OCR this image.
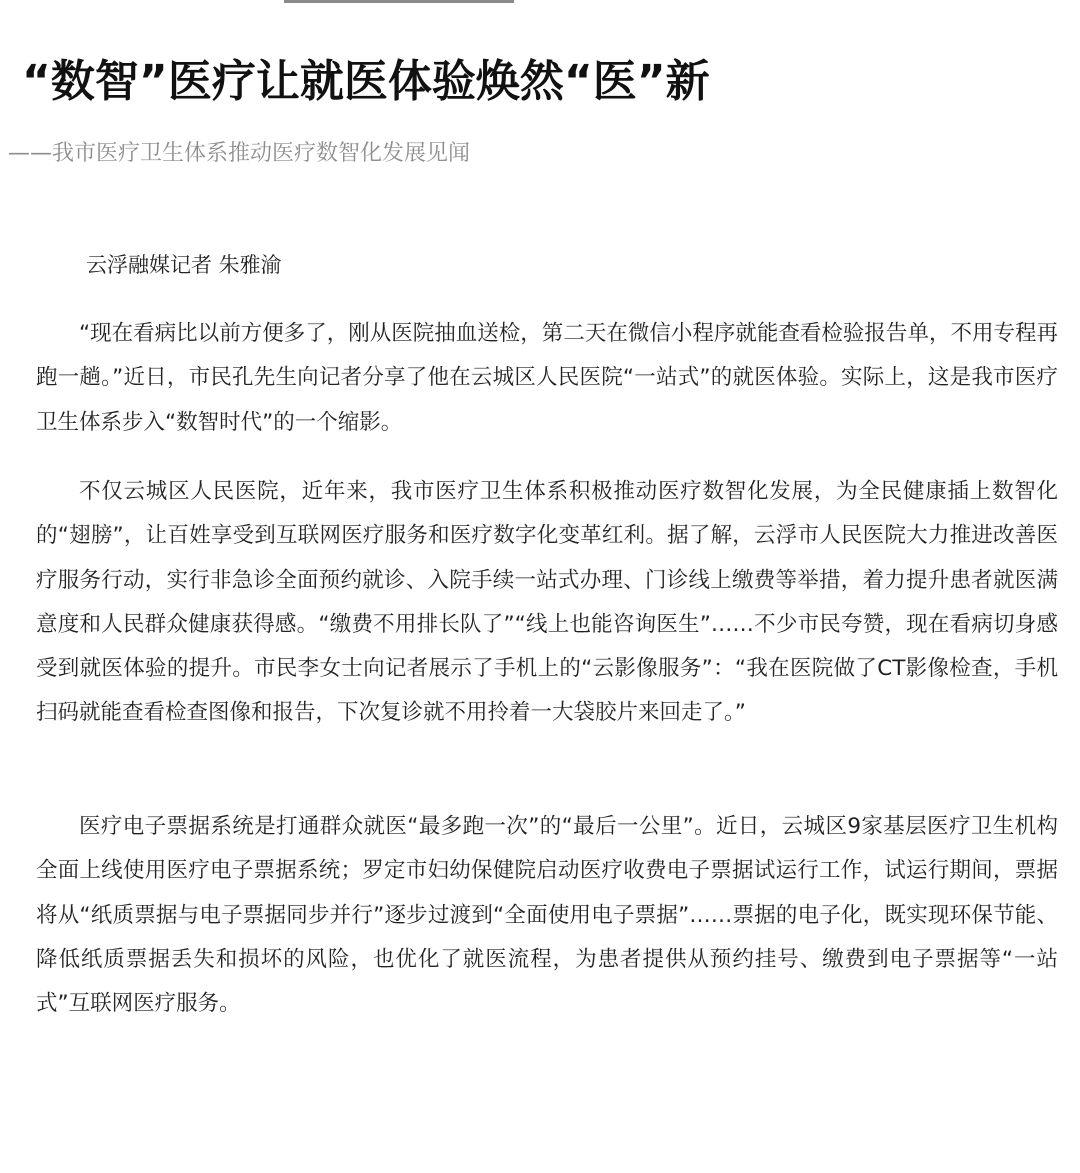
“数智”医疗让就医体验焕然“医”新
——我市医疗卫生体系推动医疗数智化发展见闻
云浮融媒记者 朱雅渝

“现在看病比以前方便多了，刚从医院抽血送检，第二天在微信小程序就能查看检验报告单，不用专程再跑一趟。”近日，市民孔先生向记者分享了他在云城区人民医院“一站式”的就医体验。实际上，这是我市医疗卫生体系步入“数智时代”的一个缩影。

不仅云城区人民医院，近年来，我市医疗卫生体系积极推动医疗数智化发展，为全民健康插上数智化的“翅膀”，让百姓享受到互联网医疗服务和医疗数字化变革红利。据了解，云浮市人民医院大力推进改善医疗服务行动，实行非急诊全面预约就诊、入院手续一站式办理、门诊线上缴费等举措，着力提升患者就医满意度和人民群众健康获得感。“缴费不用排长队了”“线上也能咨询医生”……不少市民夸赞，现在看病切身感受到就医体验的提升。市民李女士向记者展示了手机上的“云影像服务”：“我在医院做了CT影像检查，手机扫码就能查看检查图像和报告，下次复诊就不用拎着一大袋胶片来回走了。”

医疗电子票据系统是打通群众就医“最多跑一次”的“最后一公里”。近日，云城区9家基层医疗卫生机构全面上线使用医疗电子票据系统；罗定市妇幼保健院启动医疗收费电子票据试运行工作，试运行期间，票据将从“纸质票据与电子票据同步并行”逐步过渡到“全面使用电子票据”……票据的电子化，既实现环保节能、降低纸质票据丢失和损坏的风险，也优化了就医流程，为患者提供从预约挂号、缴费到电子票据等“一站式”互联网医疗服务。
